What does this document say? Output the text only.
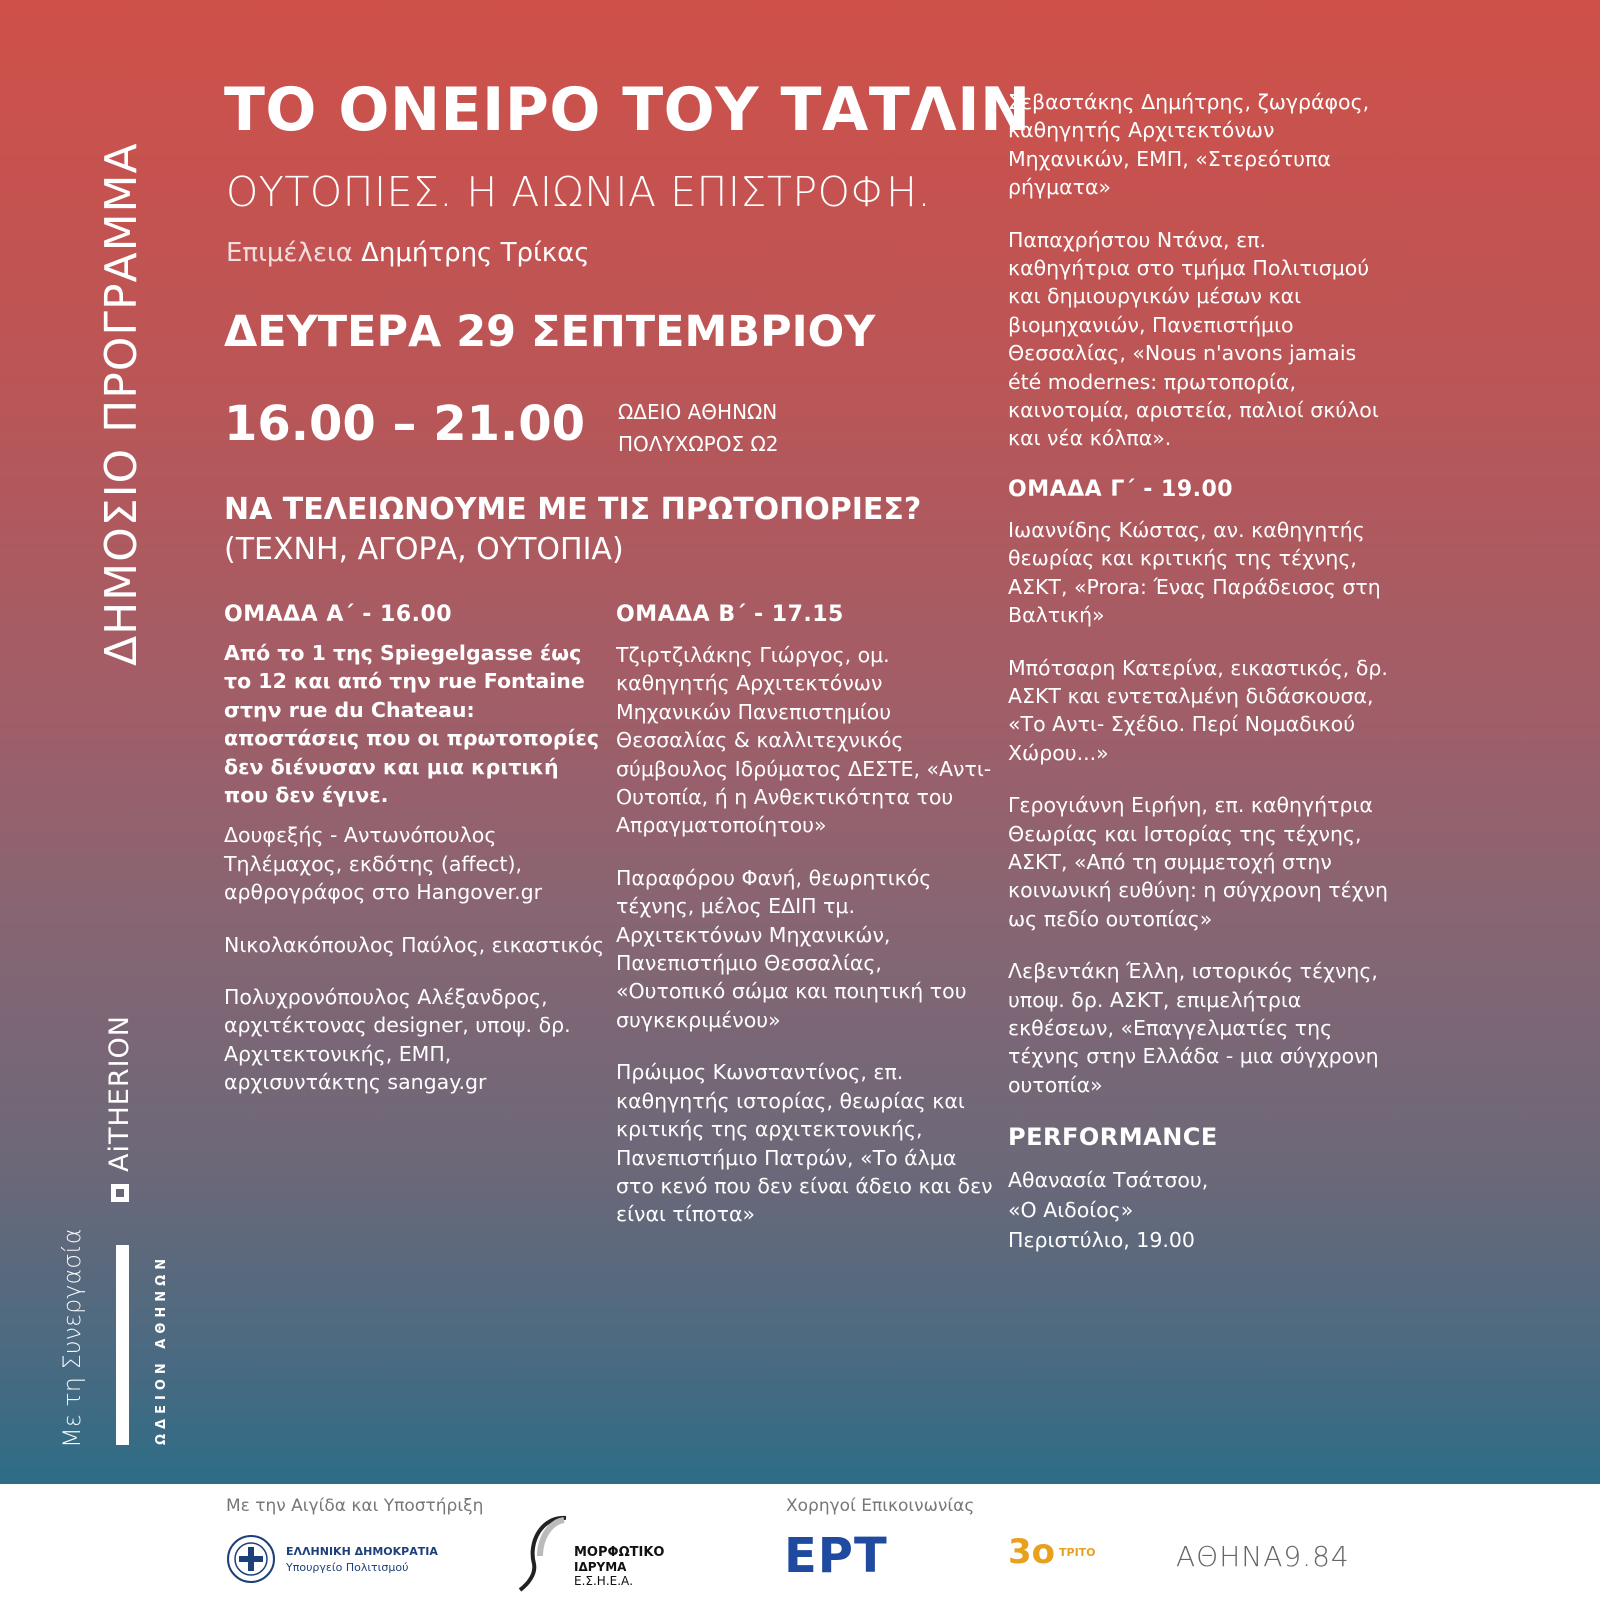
ΔΗΜΟΣΙΟ ΠΡΟΓΡΑΜΜΑ
Με τη Συνεργασία
AiTHERION
ΩΔΕΙΟΝ ΑΘΗΝΩΝ
ΤΟ ΟΝΕΙΡΟ ΤΟΥ ΤΑΤΛΙΝ
ΟΥΤΟΠΙΕΣ. Η ΑΙΩΝΙΑ ΕΠΙΣΤΡΟΦΗ.
Επιμέλεια Δημήτρης Τρίκας
ΔΕΥΤΕΡΑ 29 ΣΕΠΤΕΜΒΡΙΟΥ
16.00 – 21.00 ΩΔΕΙΟ ΑΘΗΝΩΝ
ΠΟΛΥΧΩΡΟΣ Ω2
ΝΑ ΤΕΛΕΙΩΝΟΥΜΕ ΜΕ ΤΙΣ ΠΡΩΤΟΠΟΡΙΕΣ?
(ΤΕΧΝΗ, ΑΓΟΡΑ, ΟΥΤΟΠΙΑ)
ΟΜΑΔΑ Α΄ - 16.00
Από το 1 της Spiegelgasse έως το 12 και από την rue Fontaine στην rue du Chateau: αποστάσεις που οι πρωτοπορίες δεν διένυσαν και μια κριτική που δεν έγινε.
Δουφεξής - Αντωνόπουλος Τηλέμαχος, εκδότης (affect), αρθρογράφος στο Hangover.gr
Νικολακόπουλος Παύλος, εικαστικός
Πολυχρονόπουλος Αλέξανδρος, αρχιτέκτονας designer, υποψ. δρ. Αρχιτεκτονικής, ΕΜΠ, αρχισυντάκτης sangay.gr
ΟΜΑΔΑ Β΄ - 17.15
Τζιρτζιλάκης Γιώργος, ομ. καθηγητής Αρχιτεκτόνων Μηχανικών Πανεπιστημίου Θεσσαλίας & καλλιτεχνικός σύμβουλος Ιδρύματος ΔΕΣΤΕ, «Αντι- Ουτοπία, ή η Ανθεκτικότητα του Απραγματοποίητου»
Παραφόρου Φανή, θεωρητικός τέχνης, μέλος ΕΔΙΠ τμ. Αρχιτεκτόνων Μηχανικών, Πανεπιστήμιο Θεσσαλίας, «Ουτοπικό σώμα και ποιητική του συγκεκριμένου»
Πρώιμος Κωνσταντίνος, επ. καθηγητής ιστορίας, θεωρίας και κριτικής της αρχιτεκτονικής, Πανεπιστήμιο Πατρών, «Το άλμα στο κενό που δεν είναι άδειο και δεν είναι τίποτα»
Σεβαστάκης Δημήτρης, ζωγράφος, καθηγητής Αρχιτεκτόνων Μηχανικών, ΕΜΠ, «Στερεότυπα ρήγματα»
Παπαχρήστου Ντάνα, επ. καθηγήτρια στο τμήμα Πολιτισμού και δημιουργικών μέσων και βιομηχανιών, Πανεπιστήμιο Θεσσαλίας, «Nous n'avons jamais été modernes: πρωτοπορία, καινοτομία, αριστεία, παλιοί σκύλοι και νέα κόλπα».
ΟΜΑΔΑ Γ΄ - 19.00
Ιωαννίδης Κώστας, αν. καθηγητής θεωρίας και κριτικής της τέχνης, ΑΣΚΤ, «Prora: Ένας Παράδεισος στη Βαλτική»
Μπότσαρη Κατερίνα, εικαστικός, δρ. ΑΣΚΤ και εντεταλμένη διδάσκουσα, «Το Αντι- Σχέδιο. Περί Νομαδικού Χώρου...»
Γερογιάννη Ειρήνη, επ. καθηγήτρια Θεωρίας και Ιστορίας της τέχνης, ΑΣΚΤ, «Από τη συμμετοχή στην κοινωνική ευθύνη: η σύγχρονη τέχνη ως πεδίο ουτοπίας»
Λεβεντάκη Έλλη, ιστορικός τέχνης, υποψ. δρ. ΑΣΚΤ, επιμελήτρια εκθέσεων, «Επαγγελματίες της τέχνης στην Ελλάδα - μια σύγχρονη ουτοπία»
PERFORMANCE
Αθανασία Τσάτσου,
«Ο Αιδοίος»
Περιστύλιο, 19.00
Με την Αιγίδα και Υποστήριξη	Χορηγοί Επικοινωνίας
ΕΛΛΗΝΙΚΗ ΔΗΜΟΚΡΑΤΙΑ
Υπουργείο Πολιτισμού
ΜΟΡΦΩΤΙΚΟ
ΙΔΡΥΜΑ
Ε.Σ.Η.Ε.Α.	ΕΡΤ	3ο ΤΡΙΤΟ	ΑΘΗΝΑ9.84
